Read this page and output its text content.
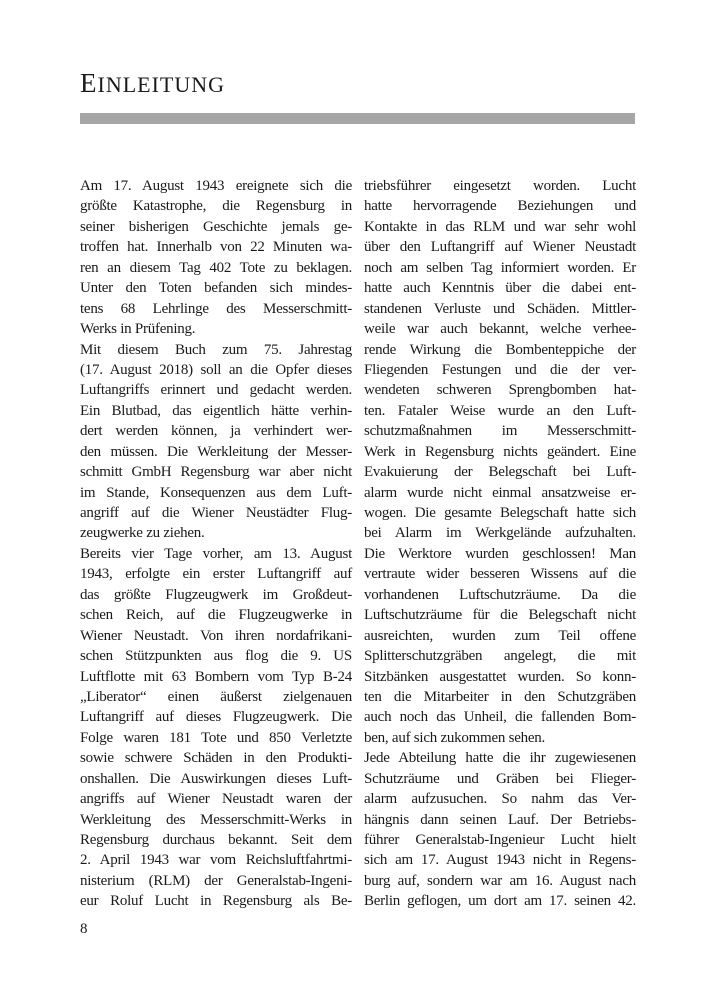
EINLEITUNG
Am 17. August 1943 ereignete sich die
größte Katastrophe, die Regensburg in
seiner bisherigen Geschichte jemals ge-
troffen hat. Innerhalb von 22 Minuten wa-
ren an diesem Tag 402 Tote zu beklagen.
Unter den Toten befanden sich mindes-
tens 68 Lehrlinge des Messerschmitt-
Werks in Prüfening.
Mit diesem Buch zum 75. Jahrestag
(17. August 2018) soll an die Opfer dieses
Luftangriffs erinnert und gedacht werden.
Ein Blutbad, das eigentlich hätte verhin-
dert werden können, ja verhindert wer-
den müssen. Die Werkleitung der Messer-
schmitt GmbH Regensburg war aber nicht
im Stande, Konsequenzen aus dem Luft-
angriff auf die Wiener Neustädter Flug-
zeugwerke zu ziehen.
Bereits vier Tage vorher, am 13. August
1943, erfolgte ein erster Luftangriff auf
das größte Flugzeugwerk im Großdeut-
schen Reich, auf die Flugzeugwerke in
Wiener Neustadt. Von ihren nordafrikani-
schen Stützpunkten aus flog die 9. US
Luftflotte mit 63 Bombern vom Typ B-24
„Liberator“ einen äußerst zielgenauen
Luftangriff auf dieses Flugzeugwerk. Die
Folge waren 181 Tote und 850 Verletzte
sowie schwere Schäden in den Produkti-
onshallen. Die Auswirkungen dieses Luft-
angriffs auf Wiener Neustadt waren der
Werkleitung des Messerschmitt-Werks in
Regensburg durchaus bekannt. Seit dem
2. April 1943 war vom Reichsluftfahrtmi-
nisterium (RLM) der Generalstab-Ingeni-
eur Roluf Lucht in Regensburg als Be-
triebsführer eingesetzt worden. Lucht
hatte hervorragende Beziehungen und
Kontakte in das RLM und war sehr wohl
über den Luftangriff auf Wiener Neustadt
noch am selben Tag informiert worden. Er
hatte auch Kenntnis über die dabei ent-
standenen Verluste und Schäden. Mittler-
weile war auch bekannt, welche verhee-
rende Wirkung die Bombenteppiche der
Fliegenden Festungen und die der ver-
wendeten schweren Sprengbomben hat-
ten. Fataler Weise wurde an den Luft-
schutzmaßnahmen im Messerschmitt-
Werk in Regensburg nichts geändert. Eine
Evakuierung der Belegschaft bei Luft-
alarm wurde nicht einmal ansatzweise er-
wogen. Die gesamte Belegschaft hatte sich
bei Alarm im Werkgelände aufzuhalten.
Die Werktore wurden geschlossen! Man
vertraute wider besseren Wissens auf die
vorhandenen Luftschutzräume. Da die
Luftschutzräume für die Belegschaft nicht
ausreichten, wurden zum Teil offene
Splitterschutzgräben angelegt, die mit
Sitzbänken ausgestattet wurden. So konn-
ten die Mitarbeiter in den Schutzgräben
auch noch das Unheil, die fallenden Bom-
ben, auf sich zukommen sehen.
Jede Abteilung hatte die ihr zugewiesenen
Schutzräume und Gräben bei Flieger-
alarm aufzusuchen. So nahm das Ver-
hängnis dann seinen Lauf. Der Betriebs-
führer Generalstab-Ingenieur Lucht hielt
sich am 17. August 1943 nicht in Regens-
burg auf, sondern war am 16. August nach
Berlin geflogen, um dort am 17. seinen 42.
8
